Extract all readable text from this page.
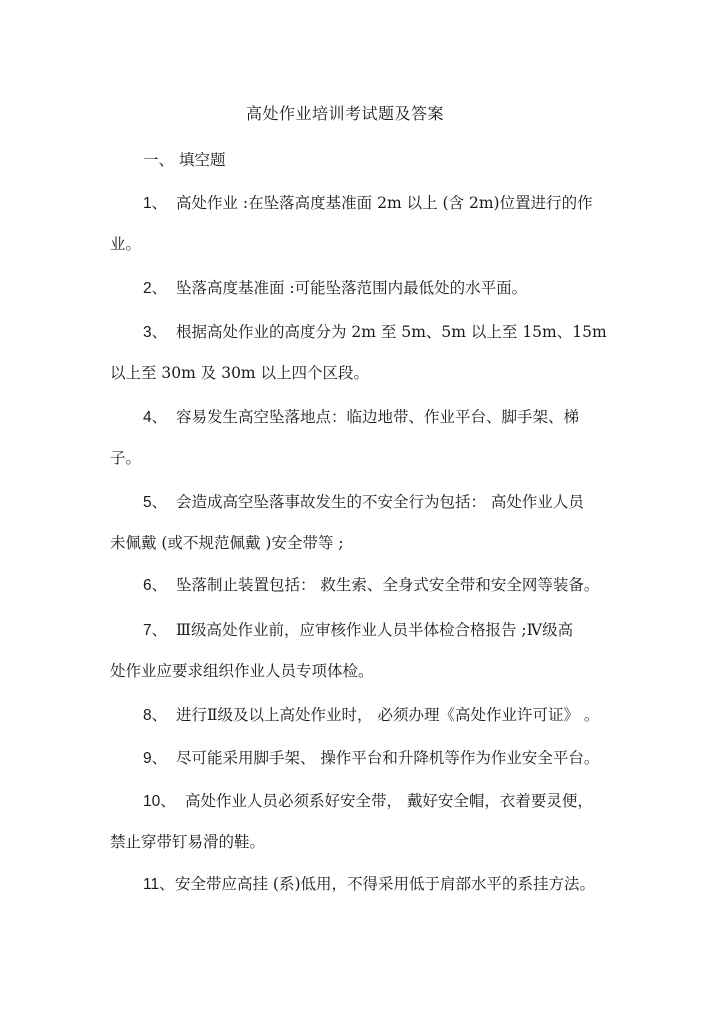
高处作业培训考试题及答案
一、 填空题
1、 高处作业 :在坠落高度基准面 2m 以上 (含 2m)位置进行的作
业。
2、 坠落高度基准面 :可能坠落范围内最低处的水平面。
3、 根据高处作业的高度分为 2m 至 5m、5m 以上至 15m、15m
以上至 30m 及 30m 以上四个区段。
4、 容易发生高空坠落地点：临边地带、作业平台、脚手架、梯
子。
5、 会造成高空坠落事故发生的不安全行为包括： 高处作业人员
未佩戴 (或不规范佩戴 )安全带等 ;
6、 坠落制止装置包括： 救生索、全身式安全带和安全网等装备。
7、 Ⅲ级高处作业前，应审核作业人员半体检合格报告 ;Ⅳ级高
处作业应要求组织作业人员专项体检。
8、 进行Ⅱ级及以上高处作业时， 必须办理《高处作业许可证》 。
9、 尽可能采用脚手架、 操作平台和升降机等作为作业安全平台。
10、 高处作业人员必须系好安全带， 戴好安全帽，衣着要灵便，
禁止穿带钉易滑的鞋。
11、安全带应高挂 (系)低用，不得采用低于肩部水平的系挂方法。
